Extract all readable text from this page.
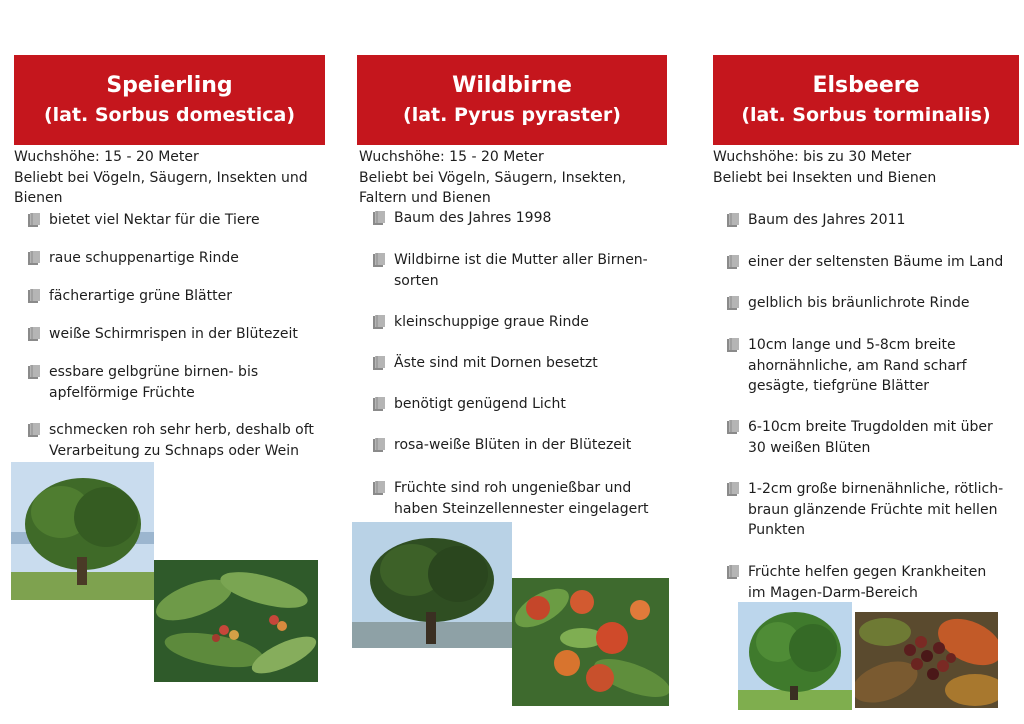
Speierling
(lat. Sorbus domestica)

Wuchshöhe: 15 - 20 Meter

Beliebt bei Vögeln, Säugern, Insekten und

Bienen

bietet viel Nektar für die Tiere
raue schuppenartige Rinde
fächerartige grüne Blätter
weiße Schirmrispen in der Blütezeit
essbare gelbgrüne birnen- bis
apfelförmige Früchte
schmecken roh sehr herb, deshalb oft
Verarbeitung zu Schnaps oder Wein
Wildbirne
(lat. Pyrus pyraster)

Wuchshöhe: 15 - 20 Meter

Beliebt bei Vögeln, Säugern, Insekten,

Faltern und Bienen

Baum des Jahres 1998
Wildbirne ist die Mutter aller Birnen-
sorten
kleinschuppige graue Rinde
Äste sind mit Dornen besetzt
benötigt genügend Licht
rosa-weiße Blüten in der Blütezeit
Früchte sind roh ungenießbar und
haben Steinzellennester eingelagert
Elsbeere
(lat. Sorbus torminalis)

Wuchshöhe: bis zu 30 Meter

Beliebt bei Insekten und Bienen

Baum des Jahres 2011
einer der seltensten Bäume im Land
gelblich bis bräunlichrote Rinde
10cm lange und 5-8cm breite
ahornähnliche, am Rand scharf
gesägte, tiefgrüne Blätter
6-10cm breite Trugdolden mit über
30 weißen Blüten
1-2cm große birnenähnliche, rötlich-
braun glänzende Früchte mit hellen
Punkten
Früchte helfen gegen Krankheiten
im Magen-Darm-Bereich
